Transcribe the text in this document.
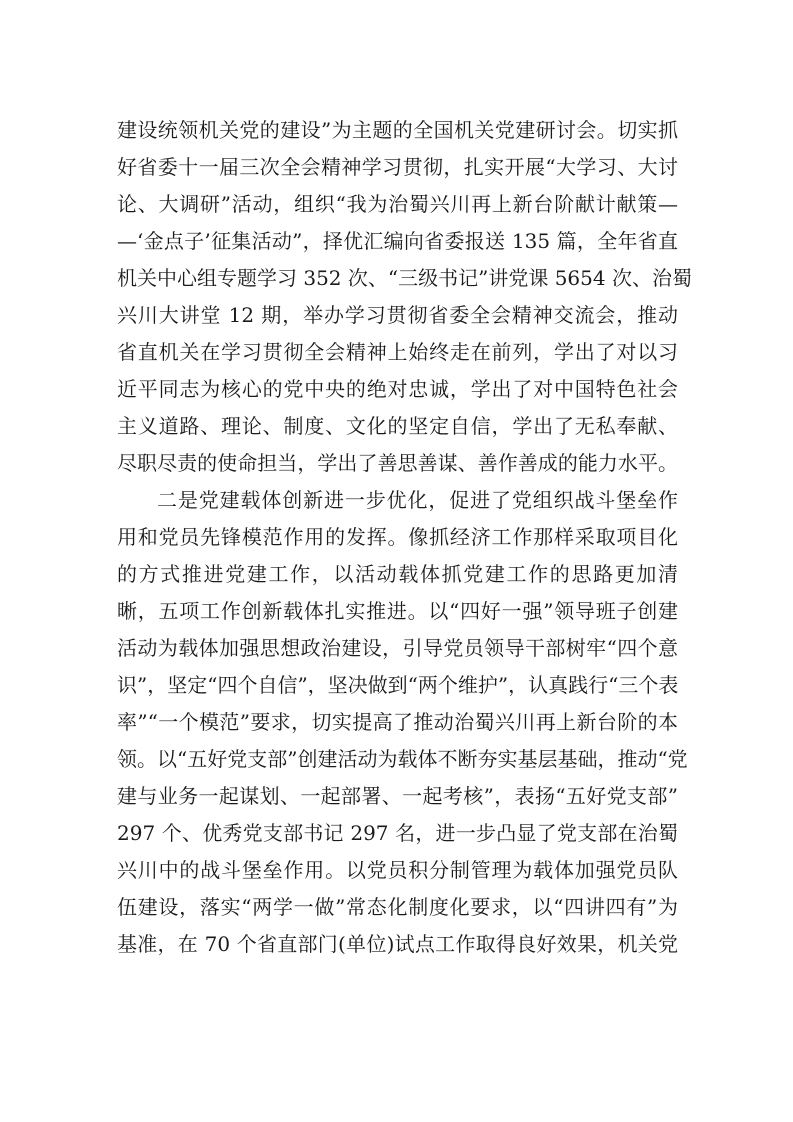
建设统领机关党的建设”为主题的全国机关党建研讨会。切实抓
好省委十一届三次全会精神学习贯彻，扎实开展“大学习、大讨
论、大调研”活动，组织“我为治蜀兴川再上新台阶献计献策—
—‘金点子’征集活动”，择优汇编向省委报送 135 篇，全年省直
机关中心组专题学习 352 次、“三级书记”讲党课 5654 次、治蜀
兴川大讲堂 12 期，举办学习贯彻省委全会精神交流会，推动
省直机关在学习贯彻全会精神上始终走在前列，学出了对以习
近平同志为核心的党中央的绝对忠诚，学出了对中国特色社会
主义道路、理论、制度、文化的坚定自信，学出了无私奉献、
尽职尽责的使命担当，学出了善思善谋、善作善成的能力水平。
二是党建载体创新进一步优化，促进了党组织战斗堡垒作
用和党员先锋模范作用的发挥。像抓经济工作那样采取项目化
的方式推进党建工作，以活动载体抓党建工作的思路更加清
晰，五项工作创新载体扎实推进。以“四好一强”领导班子创建
活动为载体加强思想政治建设，引导党员领导干部树牢“四个意
识”，坚定“四个自信”，坚决做到“两个维护”，认真践行“三个表
率”“一个模范”要求，切实提高了推动治蜀兴川再上新台阶的本
领。以“五好党支部”创建活动为载体不断夯实基层基础，推动“党
建与业务一起谋划、一起部署、一起考核”，表扬“五好党支部”
297 个、优秀党支部书记 297 名，进一步凸显了党支部在治蜀
兴川中的战斗堡垒作用。以党员积分制管理为载体加强党员队
伍建设，落实“两学一做”常态化制度化要求，以“四讲四有”为
基准，在 70 个省直部门(单位)试点工作取得良好效果，机关党
